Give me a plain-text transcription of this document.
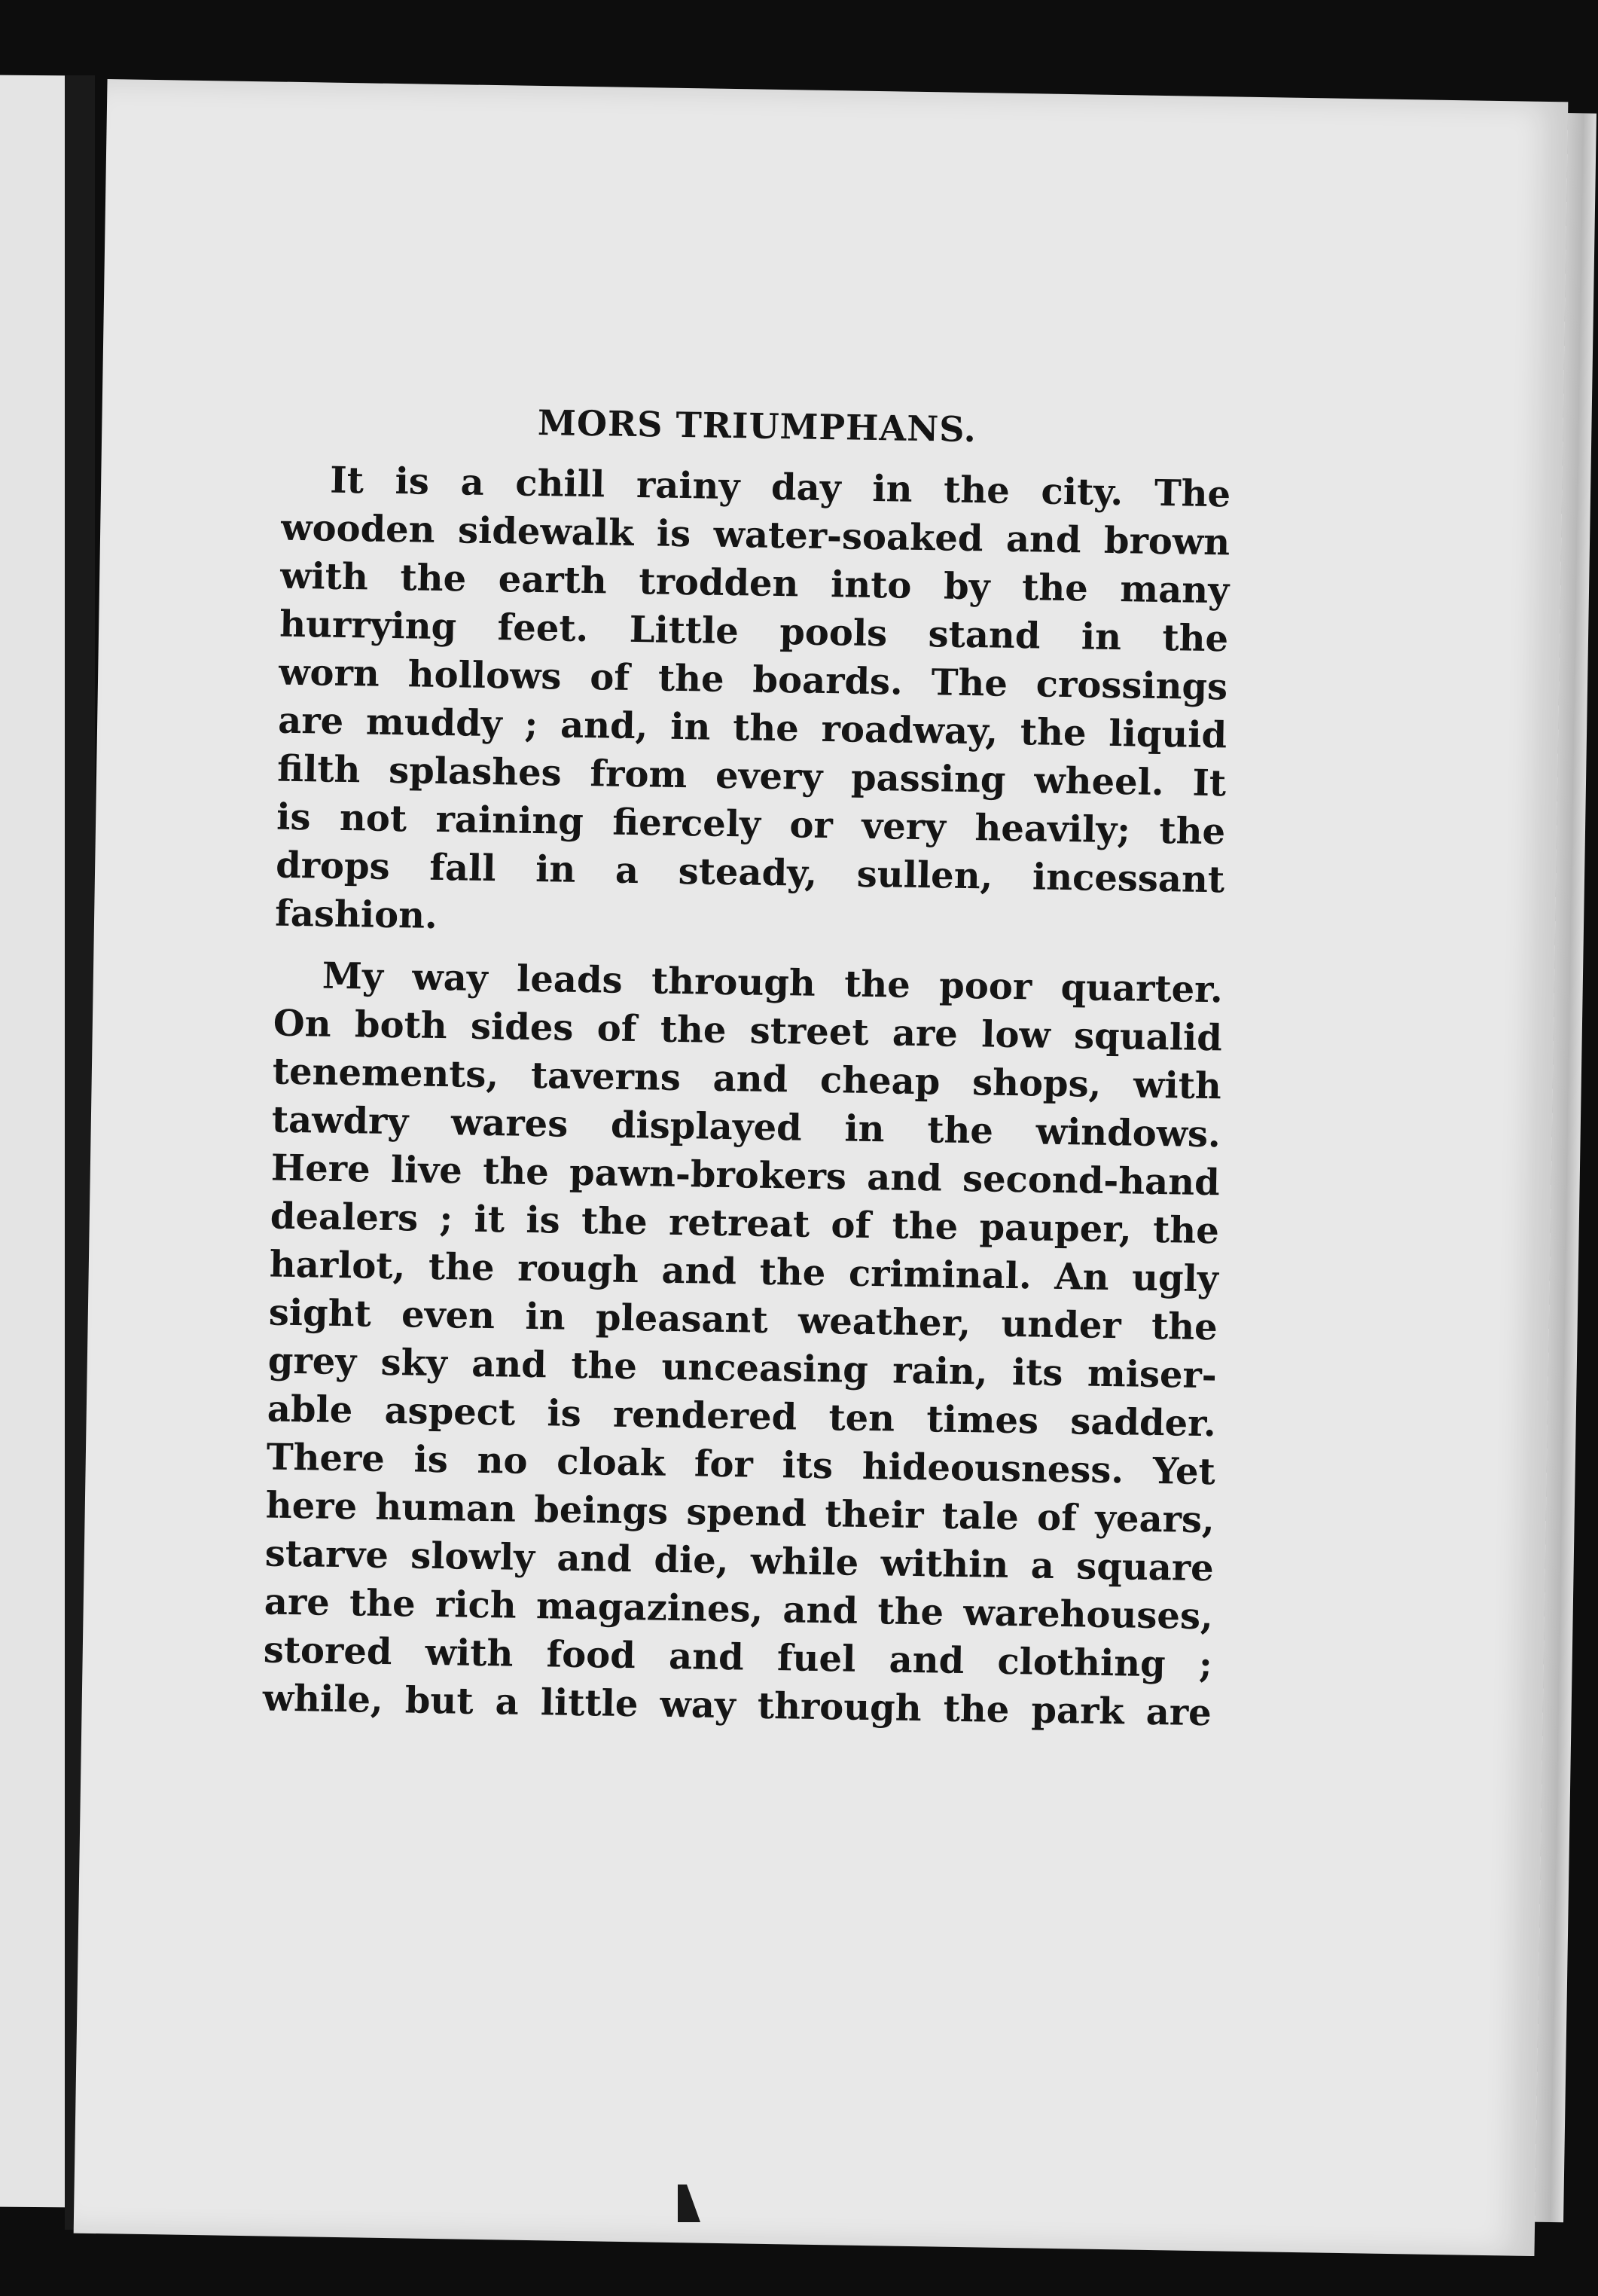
MORS TRIUMPHANS.
It is a chill rainy day in the city. The
wooden sidewalk is water-soaked and brown
with the earth trodden into by the many
hurrying feet. Little pools stand in the
worn hollows of the boards. The crossings
are muddy ; and, in the roadway, the liquid
filth splashes from every passing wheel. It
is not raining fiercely or very heavily; the
drops fall in a steady, sullen, incessant
fashion.
My way leads through the poor quarter.
On both sides of the street are low squalid
tenements, taverns and cheap shops, with
tawdry wares displayed in the windows.
Here live the pawn-brokers and second-hand
dealers ; it is the retreat of the pauper, the
harlot, the rough and the criminal. An ugly
sight even in pleasant weather, under the
grey sky and the unceasing rain, its miser-
able aspect is rendered ten times sadder.
There is no cloak for its hideousness. Yet
here human beings spend their tale of years,
starve slowly and die, while within a square
are the rich magazines, and the warehouses,
stored with food and fuel and clothing ;
while, but a little way through the park are
